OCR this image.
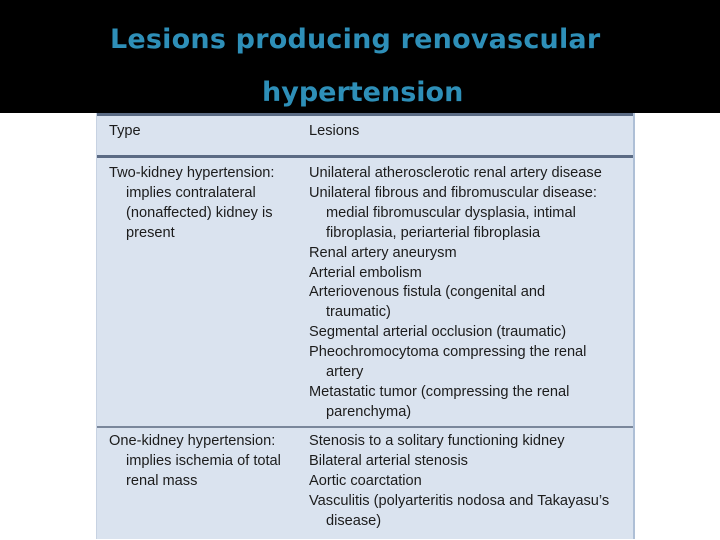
Lesions producing renovascular
hypertension
Type	Lesions
Two-kidney hypertension:
implies contralateral
(nonaffected) kidney is
present
Unilateral atherosclerotic renal artery disease
Unilateral fibrous and fibromuscular disease:
medial fibromuscular dysplasia, intimal
fibroplasia, periarterial fibroplasia
Renal artery aneurysm
Arterial embolism
Arteriovenous fistula (congenital and
traumatic)
Segmental arterial occlusion (traumatic)
Pheochromocytoma compressing the renal
artery
Metastatic tumor (compressing the renal
parenchyma)
One-kidney hypertension:
implies ischemia of total
renal mass
Stenosis to a solitary functioning kidney
Bilateral arterial stenosis
Aortic coarctation
Vasculitis (polyarteritis nodosa and Takayasu’s
disease)
